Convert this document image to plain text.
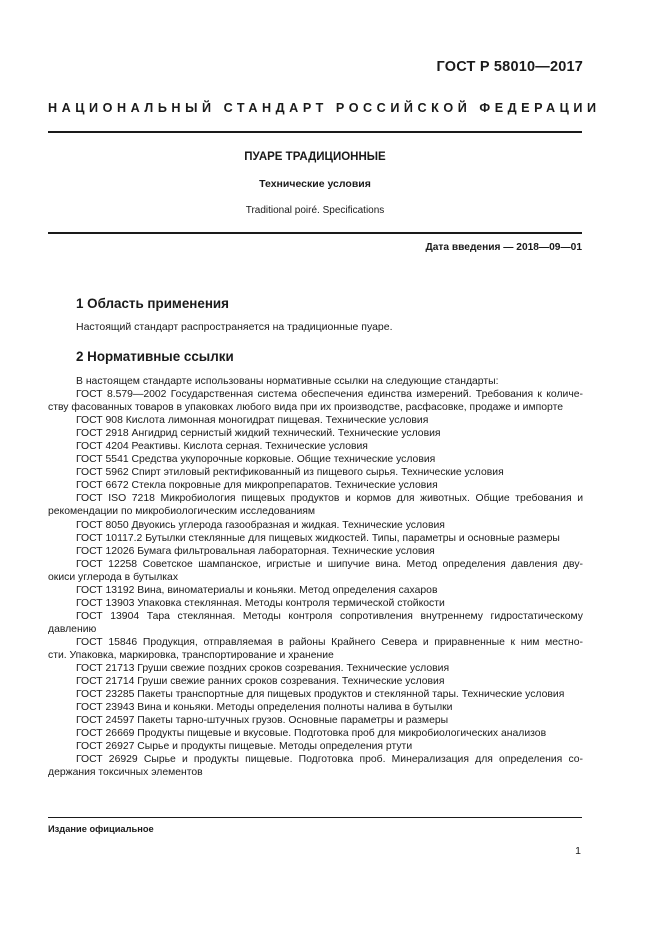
ГОСТ Р 58010—2017
НАЦИОНАЛЬНЫЙ СТАНДАРТ РОССИЙСКОЙ ФЕДЕРАЦИИ
ПУАРЕ ТРАДИЦИОННЫЕ
Технические условия
Traditional poiré. Specifications
Дата введения — 2018—09—01
1 Область применения
Настоящий стандарт распространяется на традиционные пуаре.
2 Нормативные ссылки
В настоящем стандарте использованы нормативные ссылки на следующие стандарты:
ГОСТ 8.579—2002 Государственная система обеспечения единства измерений. Требования к количе-
ству фасованных товаров в упаковках любого вида при их производстве, расфасовке, продаже и импорте
ГОСТ 908 Кислота лимонная моногидрат пищевая. Технические условия
ГОСТ 2918 Ангидрид сернистый жидкий технический. Технические условия
ГОСТ 4204 Реактивы. Кислота серная. Технические условия
ГОСТ 5541 Средства укупорочные корковые. Общие технические условия
ГОСТ 5962 Спирт этиловый ректификованный из пищевого сырья. Технические условия
ГОСТ 6672 Стекла покровные для микропрепаратов. Технические условия
ГОСТ ISO 7218 Микробиология пищевых продуктов и кормов для животных. Общие требования и
рекомендации по микробиологическим исследованиям
ГОСТ 8050 Двуокись углерода газообразная и жидкая. Технические условия
ГОСТ 10117.2 Бутылки стеклянные для пищевых жидкостей. Типы, параметры и основные размеры
ГОСТ 12026 Бумага фильтровальная лабораторная. Технические условия
ГОСТ 12258 Советское шампанское, игристые и шипучие вина. Метод определения давления дву-
окиси углерода в бутылках
ГОСТ 13192 Вина, виноматериалы и коньяки. Метод определения сахаров
ГОСТ 13903 Упаковка стеклянная. Методы контроля термической стойкости
ГОСТ 13904 Тара стеклянная. Методы контроля сопротивления внутреннему гидростатическому
давлению
ГОСТ 15846 Продукция, отправляемая в районы Крайнего Севера и приравненные к ним местно-
сти. Упаковка, маркировка, транспортирование и хранение
ГОСТ 21713 Груши свежие поздних сроков созревания. Технические условия
ГОСТ 21714 Груши свежие ранних сроков созревания. Технические условия
ГОСТ 23285 Пакеты транспортные для пищевых продуктов и стеклянной тары. Технические условия
ГОСТ 23943 Вина и коньяки. Методы определения полноты налива в бутылки
ГОСТ 24597 Пакеты тарно-штучных грузов. Основные параметры и размеры
ГОСТ 26669 Продукты пищевые и вкусовые. Подготовка проб для микробиологических анализов
ГОСТ 26927 Сырье и продукты пищевые. Методы определения ртути
ГОСТ 26929 Сырье и продукты пищевые. Подготовка проб. Минерализация для определения со-
держания токсичных элементов
Издание официальное
1
